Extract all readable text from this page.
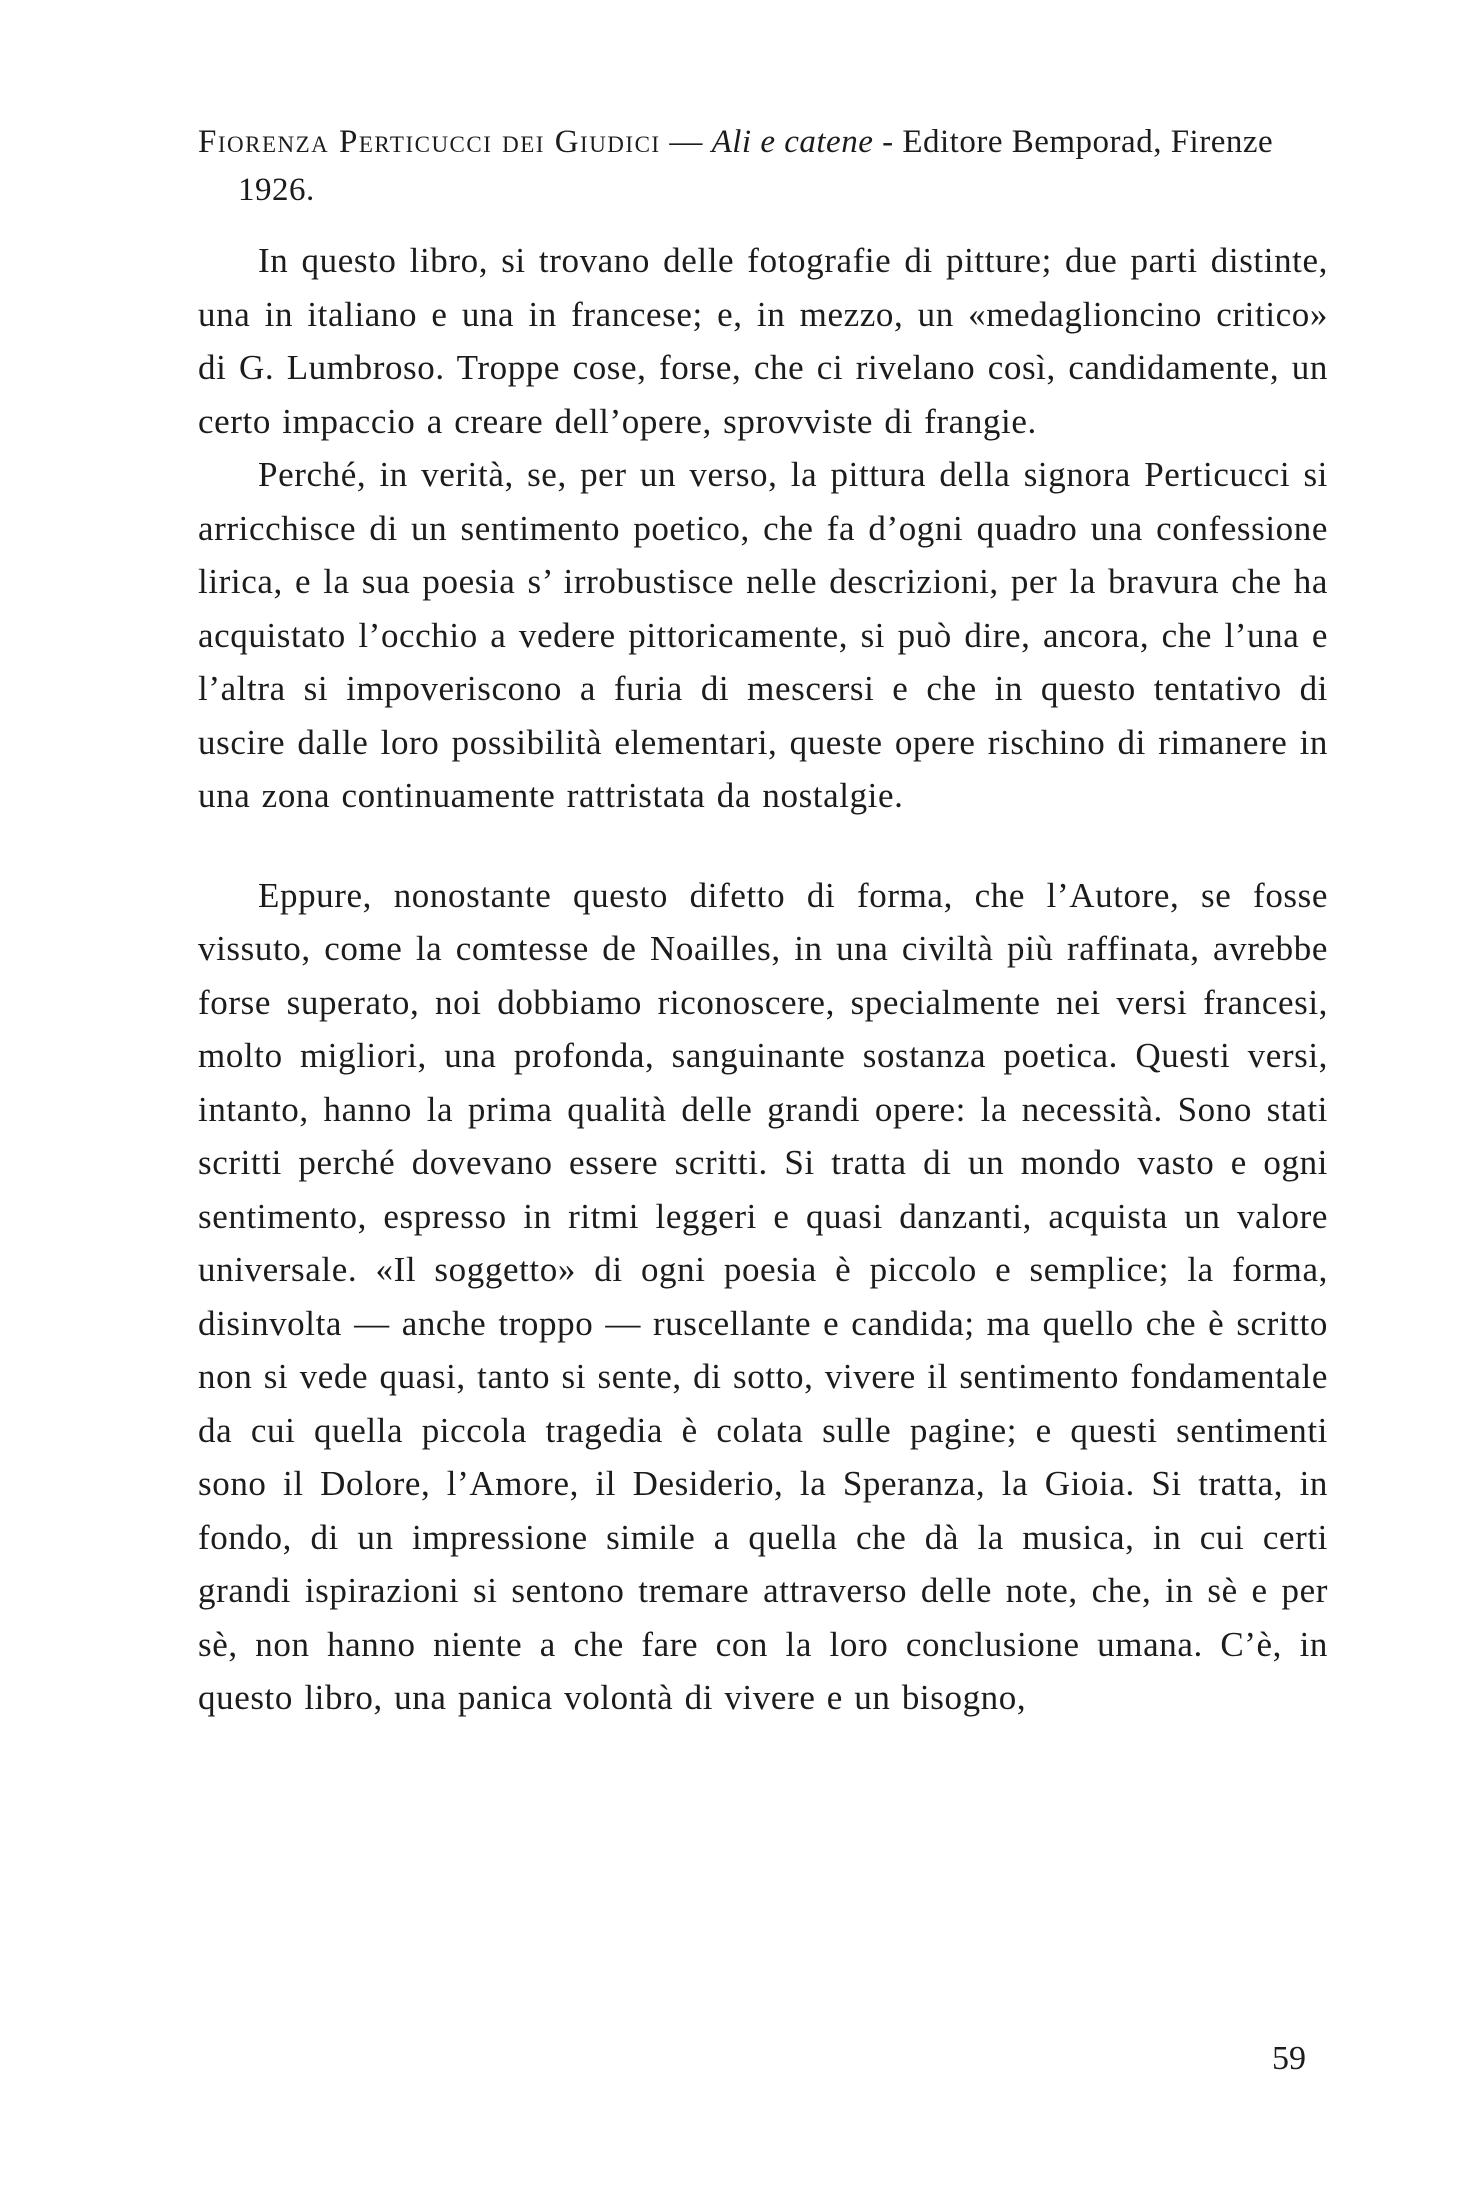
Fiorenza Perticucci dei Giudici — Ali e catene - Editore Bemporad, Firenze 1926.

In questo libro, si trovano delle fotografie di pitture; due parti distinte, una in italiano e una in francese; e, in mezzo, un «medaglioncino critico» di G. Lumbroso. Troppe cose, forse, che ci rivelano così, candidamente, un certo impaccio a creare dell’opere, sprovviste di frangie.

Perché, in verità, se, per un verso, la pittura della signora Perticucci si arricchisce di un sentimento poetico, che fa d’ogni quadro una confessione lirica, e la sua poesia s’ irrobustisce nelle descrizioni, per la bravura che ha acquistato l’occhio a vedere pittoricamente, si può dire, ancora, che l’una e l’altra si impoveriscono a furia di mescersi e che in questo tentativo di uscire dalle loro possibilità elementari, queste opere rischino di rimanere in una zona continuamente rattristata da nostalgie.

Eppure, nonostante questo difetto di forma, che l’Autore, se fosse vissuto, come la comtesse de Noailles, in una civiltà più raffinata, avrebbe forse superato, noi dobbiamo riconoscere, specialmente nei versi francesi, molto migliori, una profonda, sanguinante sostanza poetica. Questi versi, intanto, hanno la prima qualità delle grandi opere: la necessità. Sono stati scritti perché dovevano essere scritti. Si tratta di un mondo vasto e ogni sentimento, espresso in ritmi leggeri e quasi danzanti, acquista un valore universale. «Il soggetto» di ogni poesia è piccolo e semplice; la forma, disinvolta — anche troppo — ruscellante e candida; ma quello che è scritto non si vede quasi, tanto si sente, di sotto, vivere il sentimento fondamentale da cui quella piccola tragedia è colata sulle pagine; e questi sentimenti sono il Dolore, l’Amore, il Desiderio, la Speranza, la Gioia. Si tratta, in fondo, di un impressione simile a quella che dà la musica, in cui certi grandi ispirazioni si sentono tremare attraverso delle note, che, in sè e per sè, non hanno niente a che fare con la loro conclusione umana. C’è, in questo libro, una panica volontà di vivere e un bisogno,

59
